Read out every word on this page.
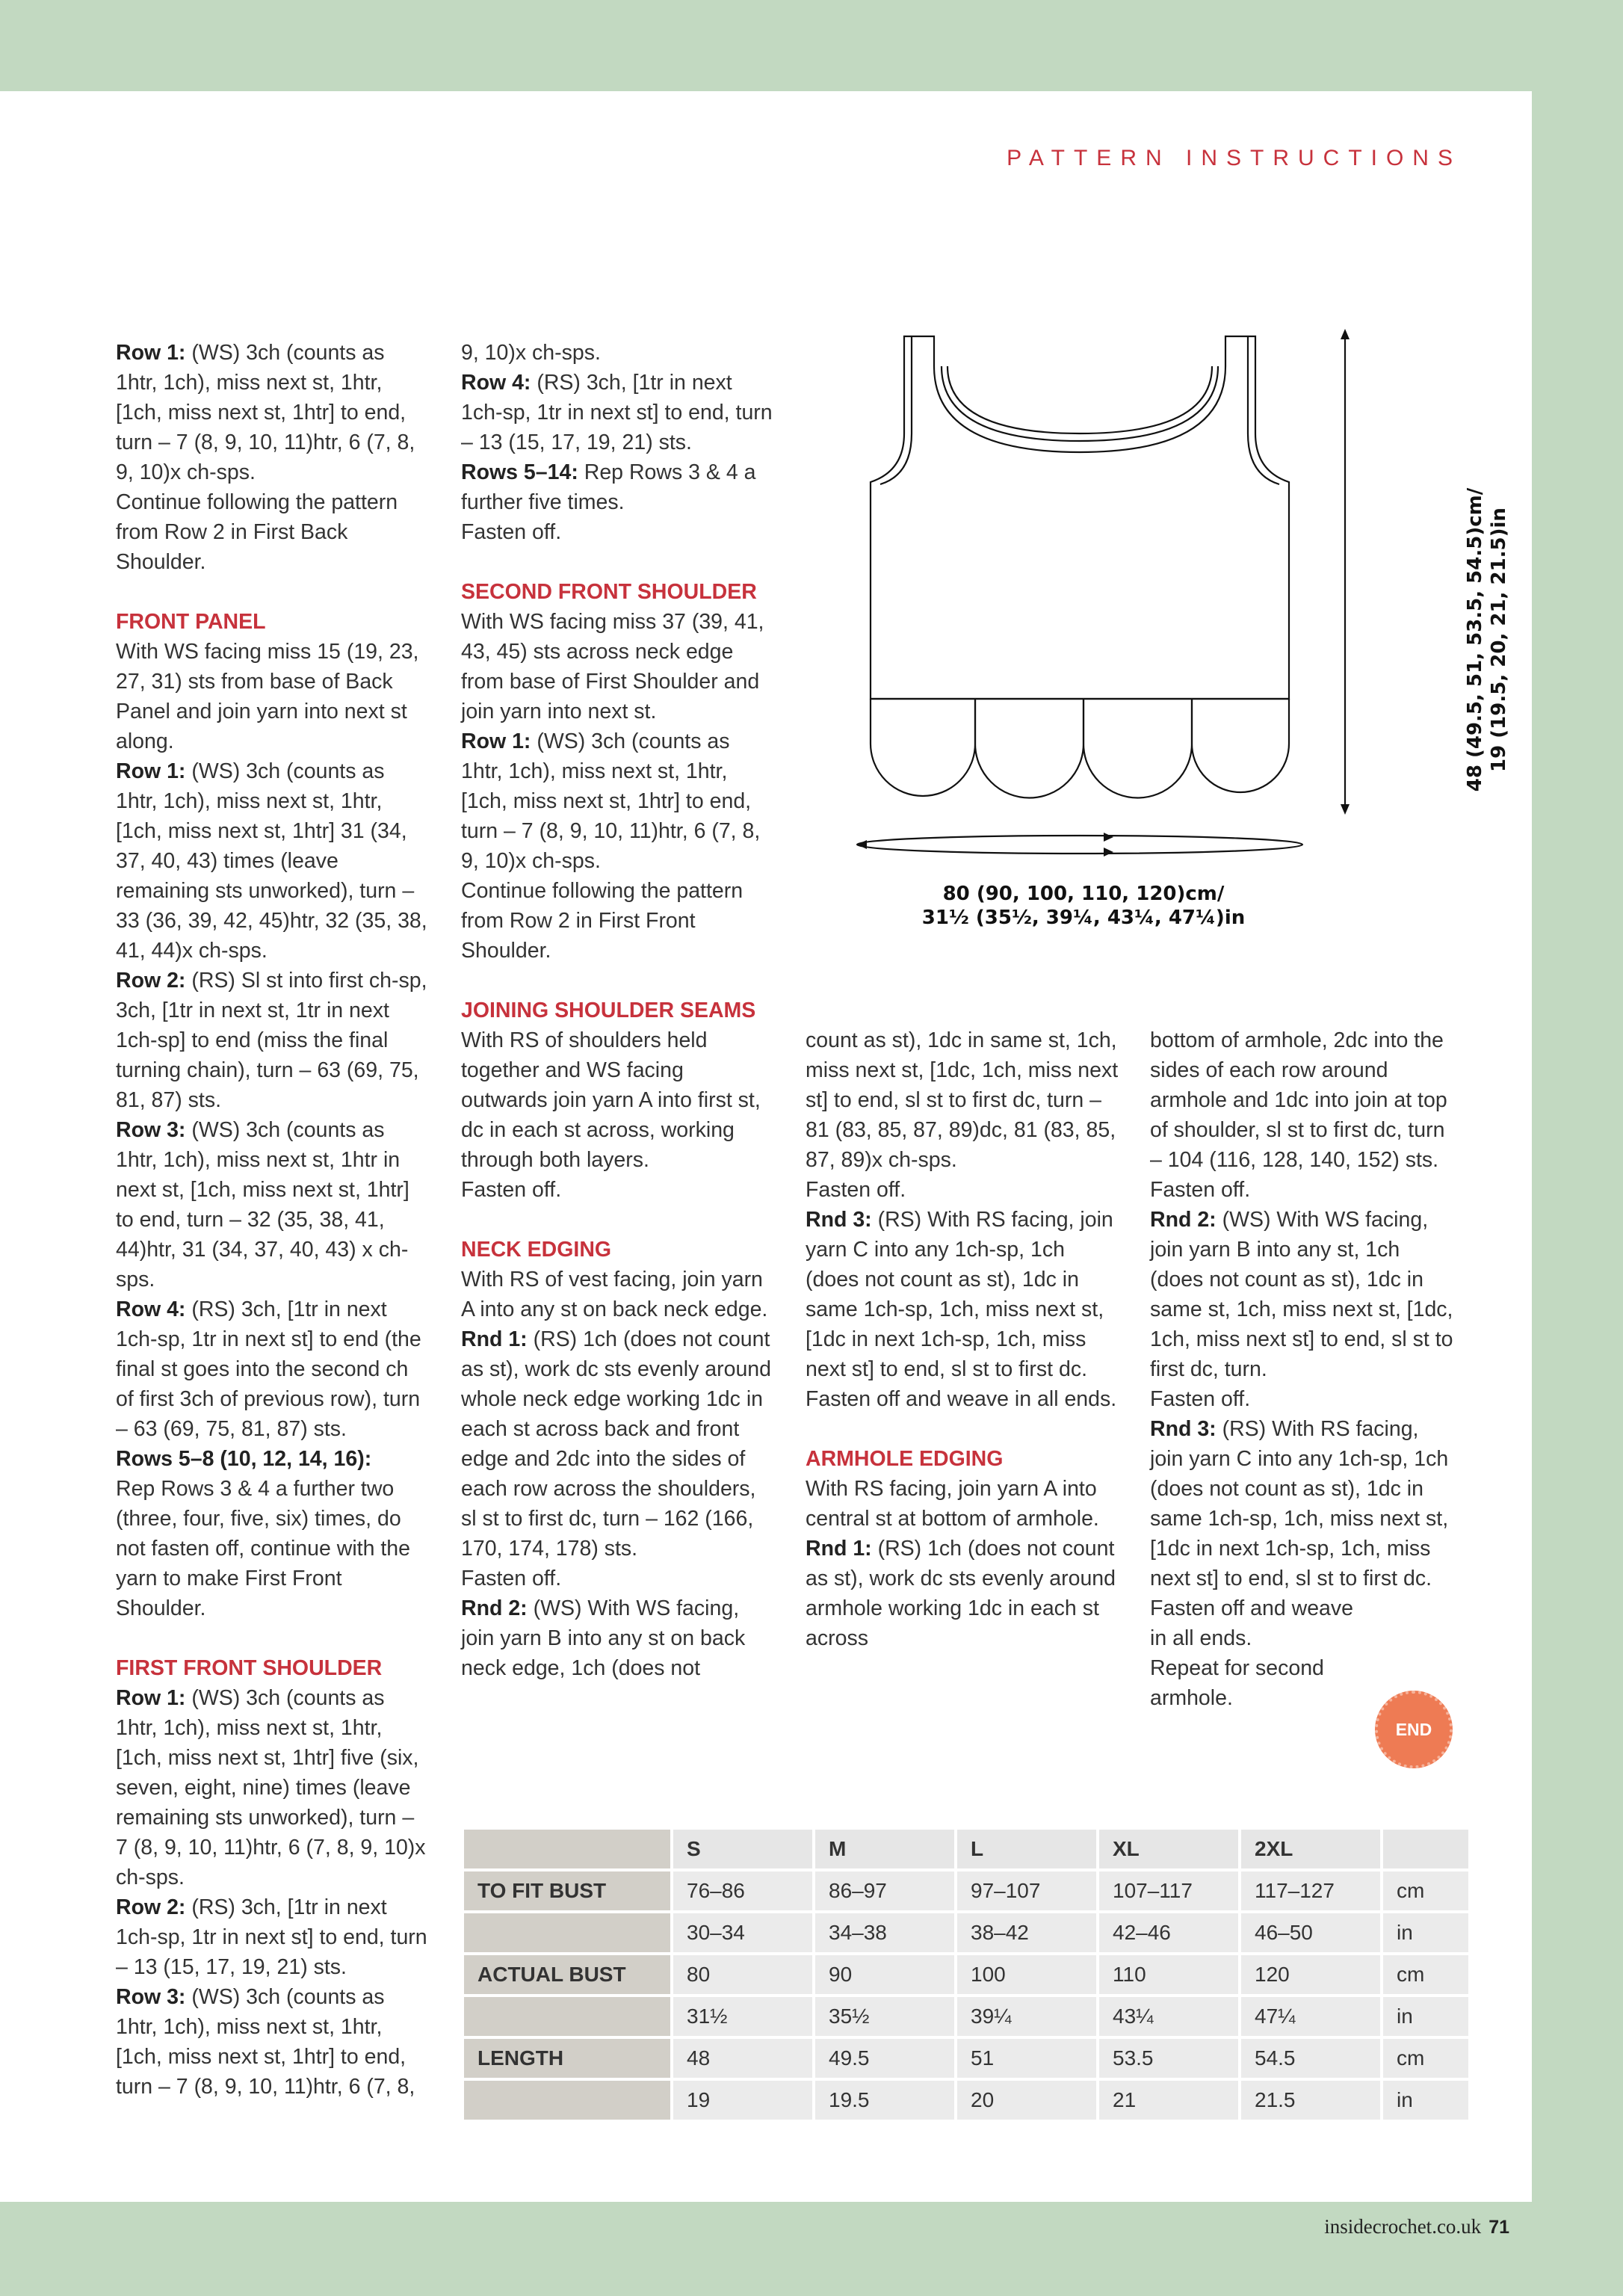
PATTERN INSTRUCTIONS

Row 1: (WS) 3ch (counts as 1htr, 1ch), miss next st, 1htr, [1ch, miss next st, 1htr] to end, turn – 7 (8, 9, 10, 11)htr, 6 (7, 8, 9, 10)x ch-sps.

Continue following the pattern from Row 2 in First Back Shoulder.

FRONT PANEL

With WS facing miss 15 (19, 23, 27, 31) sts from base of Back Panel and join yarn into next st along.

Row 1: (WS) 3ch (counts as 1htr, 1ch), miss next st, 1htr, [1ch, miss next st, 1htr] 31 (34, 37, 40, 43) times (leave remaining sts unworked), turn – 33 (36, 39, 42, 45)htr, 32 (35, 38, 41, 44)x ch-sps.

Row 2: (RS) Sl st into first ch-sp, 3ch, [1tr in next st, 1tr in next 1ch-sp] to end (miss the final turning chain), turn – 63 (69, 75, 81, 87) sts.

Row 3: (WS) 3ch (counts as 1htr, 1ch), miss next st, 1htr in next st, [1ch, miss next st, 1htr] to end, turn – 32 (35, 38, 41, 44)htr, 31 (34, 37, 40, 43) x ch-sps.

Row 4: (RS) 3ch, [1tr in next 1ch-sp, 1tr in next st] to end (the final st goes into the second ch of first 3ch of previous row), turn – 63 (69, 75, 81, 87) sts.

Rows 5–8 (10, 12, 14, 16):

Rep Rows 3 & 4 a further two (three, four, five, six) times, do not fasten off, continue with the yarn to make First Front Shoulder.

FIRST FRONT SHOULDER

Row 1: (WS) 3ch (counts as 1htr, 1ch), miss next st, 1htr, [1ch, miss next st, 1htr] five (six, seven, eight, nine) times (leave remaining sts unworked), turn – 7 (8, 9, 10, 11)htr, 6 (7, 8, 9, 10)x ch-sps.

Row 2: (RS) 3ch, [1tr in next 1ch-sp, 1tr in next st] to end, turn – 13 (15, 17, 19, 21) sts.

Row 3: (WS) 3ch (counts as 1htr, 1ch), miss next st, 1htr, [1ch, miss next st, 1htr] to end, turn – 7 (8, 9, 10, 11)htr, 6 (7, 8,

9, 10)x ch-sps.

Row 4: (RS) 3ch, [1tr in next 1ch-sp, 1tr in next st] to end, turn – 13 (15, 17, 19, 21) sts.

Rows 5–14: Rep Rows 3 & 4 a further five times.

Fasten off.

SECOND FRONT SHOULDER

With WS facing miss 37 (39, 41, 43, 45) sts across neck edge from base of First Shoulder and join yarn into next st.

Row 1: (WS) 3ch (counts as 1htr, 1ch), miss next st, 1htr, [1ch, miss next st, 1htr] to end, turn – 7 (8, 9, 10, 11)htr, 6 (7, 8, 9, 10)x ch-sps.

Continue following the pattern from Row 2 in First Front Shoulder.

JOINING SHOULDER SEAMS

With RS of shoulders held together and WS facing outwards join yarn A into first st, dc in each st across, working through both layers.

Fasten off.

NECK EDGING

With RS of vest facing, join yarn A into any st on back neck edge.

Rnd 1: (RS) 1ch (does not count as st), work dc sts evenly around whole neck edge working 1dc in each st across back and front edge and 2dc into the sides of each row across the shoulders, sl st to first dc, turn – 162 (166, 170, 174, 178) sts.

Fasten off.

Rnd 2: (WS) With WS facing, join yarn B into any st on back neck edge, 1ch (does not

count as st), 1dc in same st, 1ch, miss next st, [1dc, 1ch, miss next st] to end, sl st to first dc, turn – 81 (83, 85, 87, 89)dc, 81 (83, 85, 87, 89)x ch-sps.

Fasten off.

Rnd 3: (RS) With RS facing, join yarn C into any 1ch-sp, 1ch (does not count as st), 1dc in same 1ch-sp, 1ch, miss next st, [1dc in next 1ch-sp, 1ch, miss next st] to end, sl st to first dc.

Fasten off and weave in all ends.

ARMHOLE EDGING

With RS facing, join yarn A into central st at bottom of armhole.

Rnd 1: (RS) 1ch (does not count as st), work dc sts evenly around armhole working 1dc in each st across

bottom of armhole, 2dc into the sides of each row around armhole and 1dc into join at top of shoulder, sl st to first dc, turn – 104 (116, 128, 140, 152) sts.

Fasten off.

Rnd 2: (WS) With WS facing, join yarn B into any st, 1ch (does not count as st), 1dc in same st, 1ch, miss next st, [1dc, 1ch, miss next st] to end, sl st to first dc, turn.

Fasten off.

Rnd 3: (RS) With RS facing, join yarn C into any 1ch-sp, 1ch (does not count as st), 1dc in same 1ch-sp, 1ch, miss next st, [1dc in next 1ch-sp, 1ch, miss next st] to end, sl st to first dc.

Fasten off and weave in all ends.

Repeat for second armhole.

80 (90, 100, 110, 120)cm/
31½ (35½, 39¼, 43¼, 47¼)in
48 (49.5, 51, 53.5, 54.5)cm/ 19 (19.5, 20, 21, 21.5)in
END
	S	M	L	XL	2XL	
TO FIT BUST	76–86	86–97	97–107	107–117	117–127	cm
	30–34	34–38	38–42	42–46	46–50	in
ACTUAL BUST	80	90	100	110	120	cm
	31½	35½	39¼	43¼	47¼	in
LENGTH	48	49.5	51	53.5	54.5	cm
	19	19.5	20	21	21.5	in
insidecrochet.co.uk 71
